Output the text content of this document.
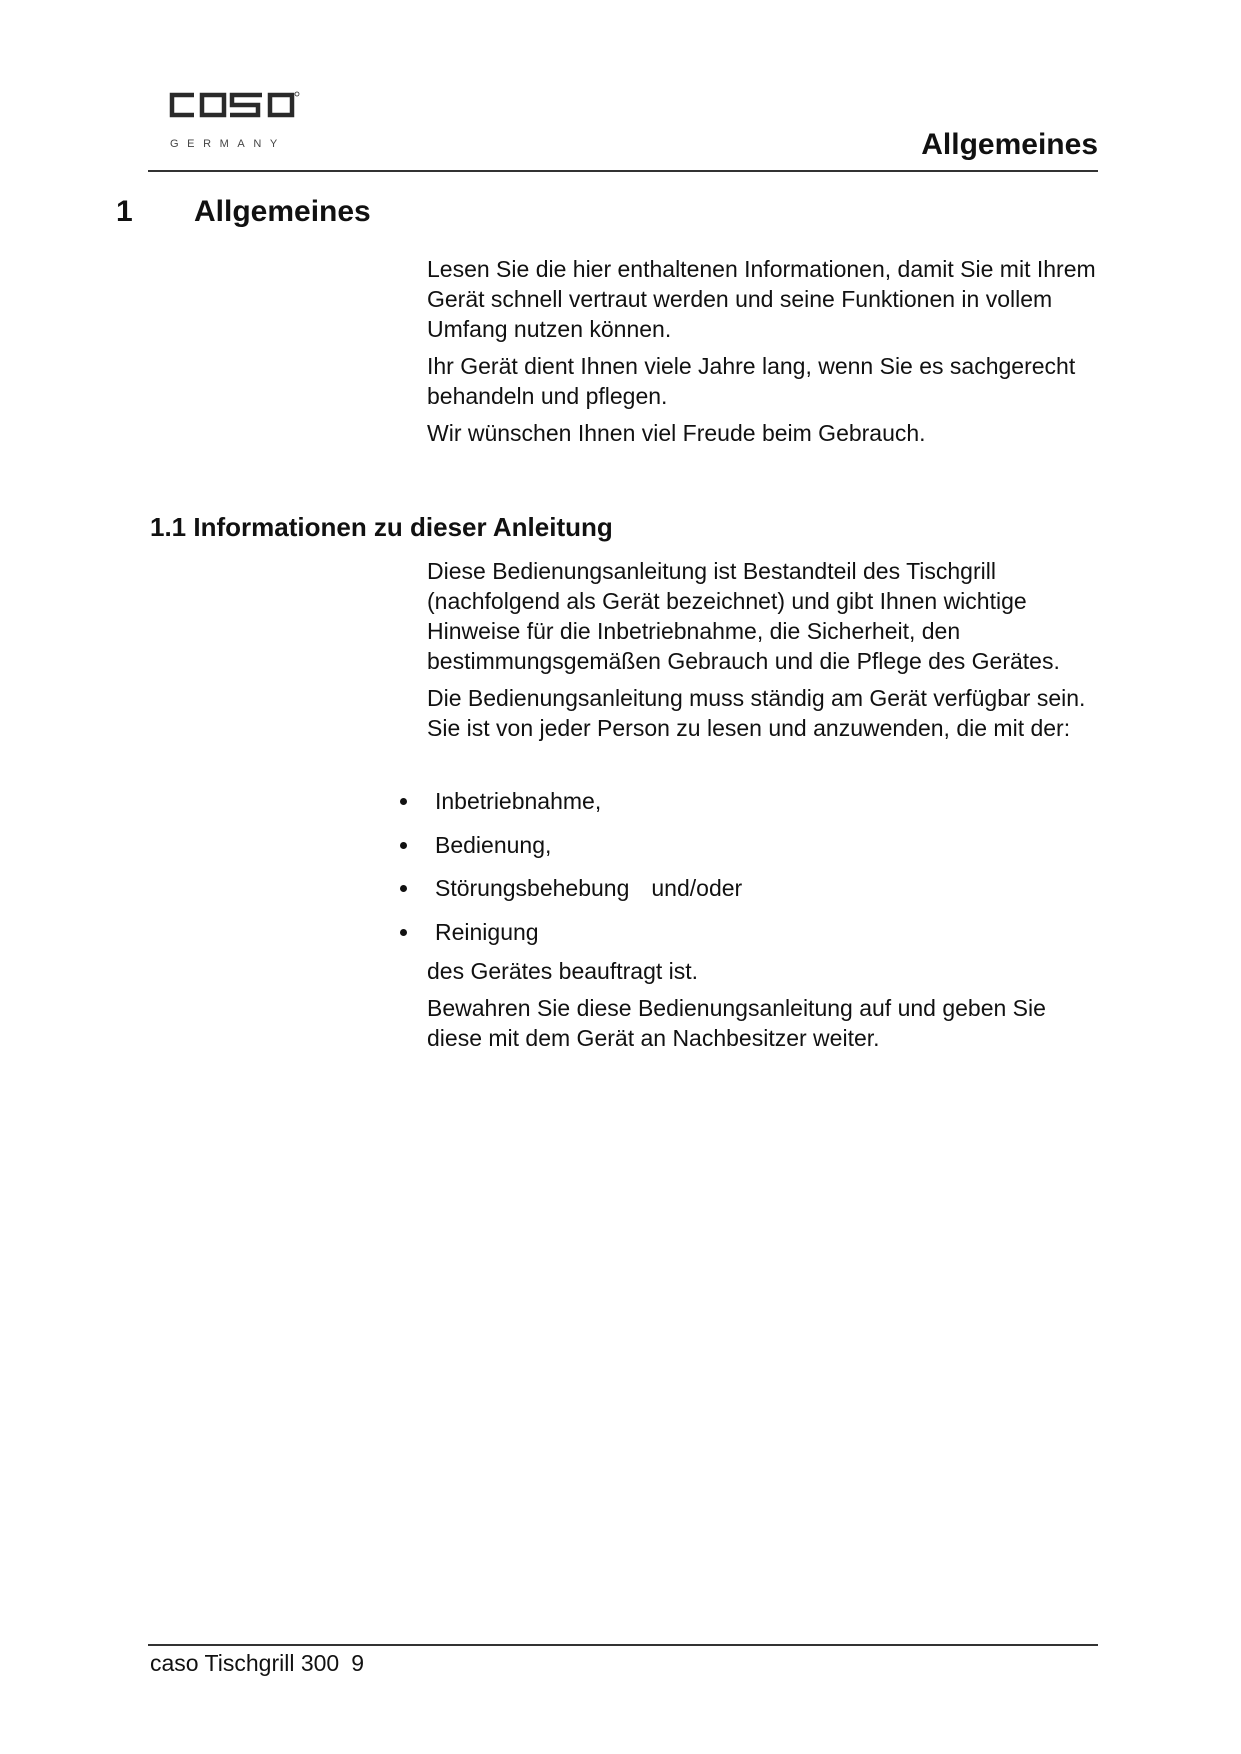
GERMANY	Allgemeines
1 Allgemeines

Lesen Sie die hier enthaltenen Informationen, damit Sie mit Ihrem Gerät schnell vertraut werden und seine Funktionen in vollem Umfang nutzen können.

Ihr Gerät dient Ihnen viele Jahre lang, wenn Sie es sachgerecht behandeln und pflegen.

Wir wünschen Ihnen viel Freude beim Gebrauch.

1.1 Informationen zu dieser Anleitung

Diese Bedienungsanleitung ist Bestandteil des Tischgrill (nachfolgend als Gerät bezeichnet) und gibt Ihnen wichtige Hinweise für die Inbetriebnahme, die Sicherheit, den bestimmungsgemäßen Gebrauch und die Pflege des Gerätes.

Die Bedienungsanleitung muss ständig am Gerät verfügbar sein. Sie ist von jeder Person zu lesen und anzuwenden, die mit der:

Inbetriebnahme,
Bedienung,
Störungsbehebung und/oder
Reinigung

des Gerätes beauftragt ist.

Bewahren Sie diese Bedienungsanleitung auf und geben Sie diese mit dem Gerät an Nachbesitzer weiter.

caso Tischgrill 300 9
